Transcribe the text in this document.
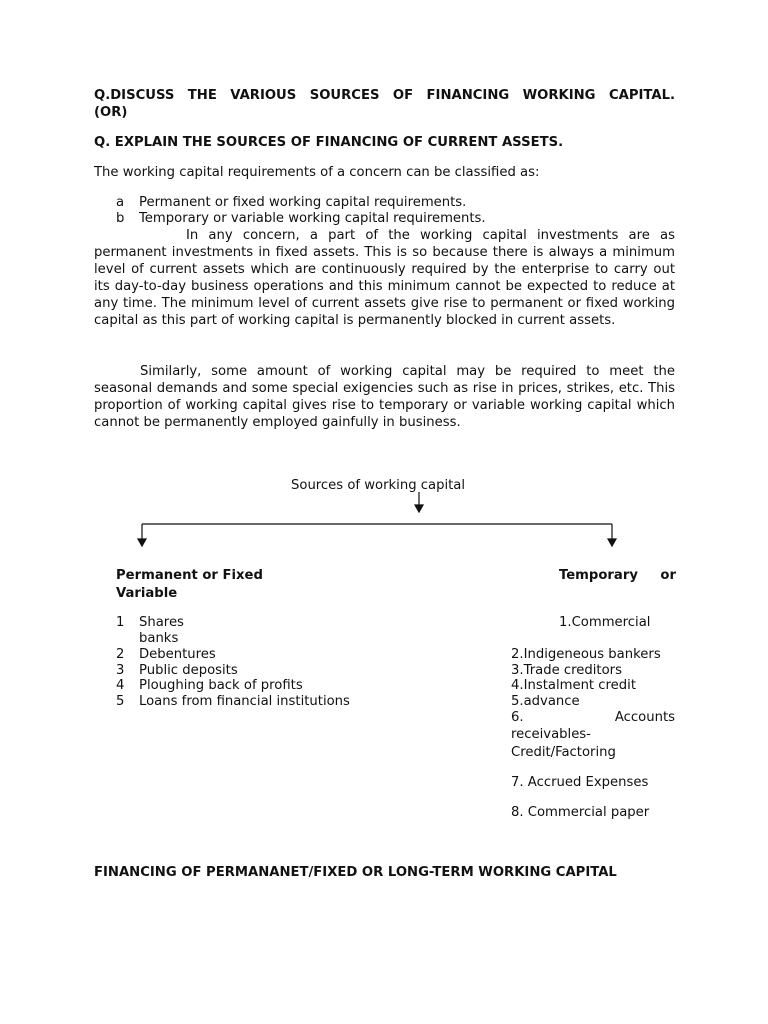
Q.DISCUSS THE VARIOUS SOURCES OF FINANCING WORKING CAPITAL.
(OR)
Q. EXPLAIN THE SOURCES OF FINANCING OF CURRENT ASSETS.
The working capital requirements of a concern can be classified as:
a Permanent or fixed working capital requirements.
b Temporary or variable working capital requirements.
In any concern, a part of the working capital investments are as permanent investments in fixed assets. This is so because there is always a minimum level of current assets which are continuously required by the enterprise to carry out its day-to-day business operations and this minimum cannot be expected to reduce at any time. The minimum level of current assets give rise to permanent or fixed working capital as this part of working capital is permanently blocked in current assets.
Similarly, some amount of working capital may be required to meet the seasonal demands and some special exigencies such as rise in prices, strikes, etc. This proportion of working capital gives rise to temporary or variable working capital which cannot be permanently employed gainfully in business.
Sources of working capital
Permanent or Fixed	Temporary or
Variable
1 Shares
banks
2 Debentures
3 Public deposits
4 Ploughing back of profits
5 Loans from financial institutions
1.Commercial
2.Indigeneous bankers
3.Trade creditors
4.Instalment credit
5.advance
6.	Accounts
receivables-
Credit/Factoring
7. Accrued Expenses
8. Commercial paper
FINANCING OF PERMANANET/FIXED OR LONG-TERM WORKING CAPITAL
